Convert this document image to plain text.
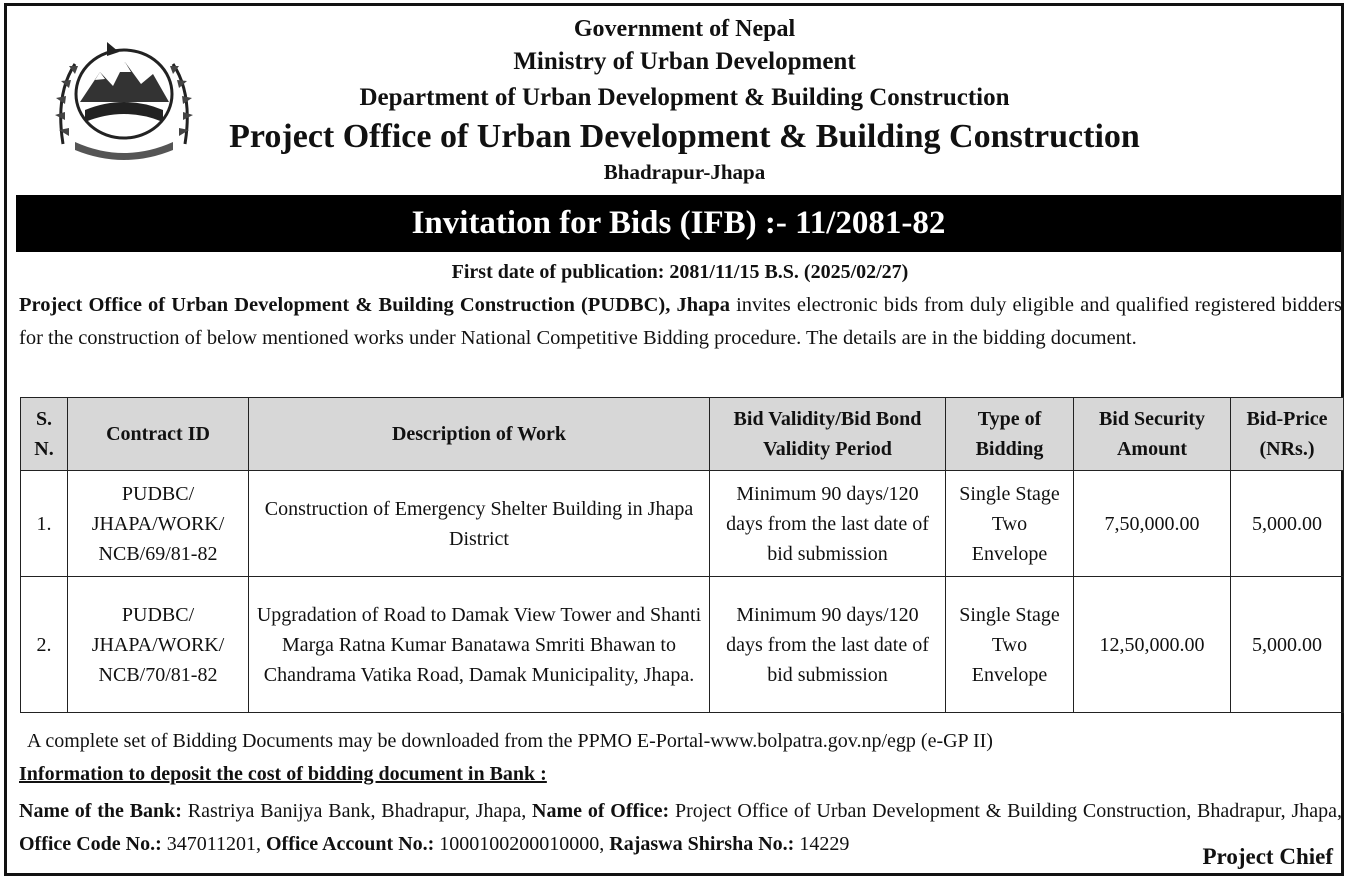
Government of Nepal
Ministry of Urban Development
Department of Urban Development & Building Construction
Project Office of Urban Development & Building Construction
Bhadrapur-Jhapa
Invitation for Bids (IFB) :- 11/2081-82
First date of publication: 2081/11/15 B.S. (2025/02/27)
Project Office of Urban Development & Building Construction (PUDBC), Jhapa invites electronic bids from duly eligible and qualified registered bidders for the construction of below mentioned works under National Competitive Bidding procedure. The details are in the bidding document.
S. N.	Contract ID	Description of Work	Bid Validity/Bid Bond Validity Period	Type of Bidding	Bid Security Amount	Bid-Price (NRs.)
1.	PUDBC/ JHAPA/WORK/ NCB/69/81-82	Construction of Emergency Shelter Building in Jhapa District	Minimum 90 days/120 days from the last date of bid submission	Single Stage Two Envelope	7,50,000.00	5,000.00
2.	PUDBC/ JHAPA/WORK/ NCB/70/81-82	Upgradation of Road to Damak View Tower and Shanti Marga Ratna Kumar Banatawa Smriti Bhawan to Chandrama Vatika Road, Damak Municipality, Jhapa.	Minimum 90 days/120 days from the last date of bid submission	Single Stage Two Envelope	12,50,000.00	5,000.00
A complete set of Bidding Documents may be downloaded from the PPMO E-Portal-www.bolpatra.gov.np/egp (e-GP II)
Information to deposit the cost of bidding document in Bank :
Name of the Bank: Rastriya Banijya Bank, Bhadrapur, Jhapa, Name of Office: Project Office of Urban Development & Building Construction, Bhadrapur, Jhapa, Office Code No.: 347011201, Office Account No.: 1000100200010000, Rajaswa Shirsha No.: 14229	Project Chief
